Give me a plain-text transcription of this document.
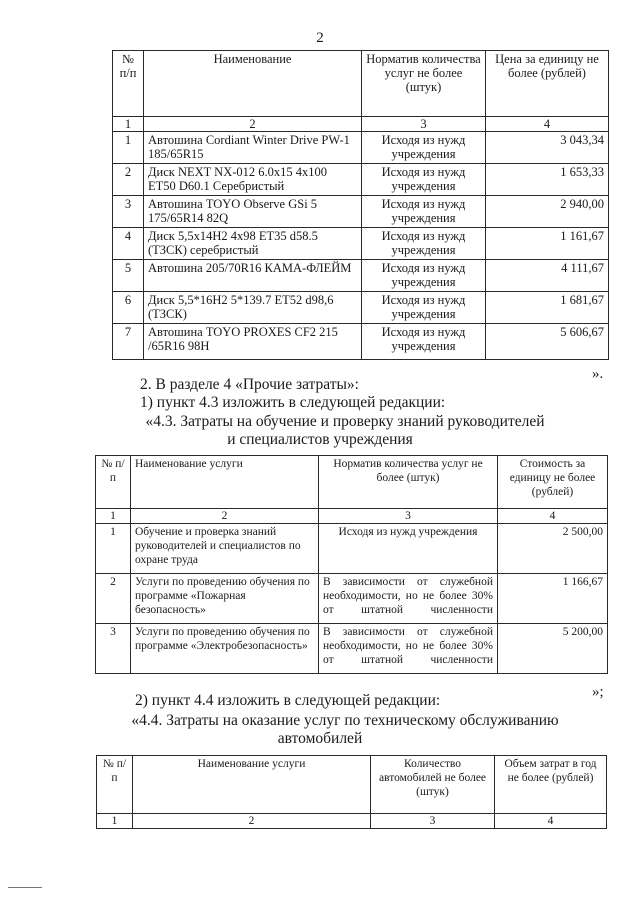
2
№ п/п	Наименование	Норматив количества услуг не более (штук)	Цена за единицу не более (рублей)
1	2	3	4
1	Автошина Cordiant Winter Drive PW-1 185/65R15	Исходя из нужд учреждения	3 043,34
2	Диск NEXT NX-012 6.0x15 4x100 ET50 D60.1 Серебристый	Исходя из нужд учреждения	1 653,33
3	Автошина TOYO Observe GSi 5 175/65R14 82Q	Исходя из нужд учреждения	2 940,00
4	Диск 5,5x14H2 4x98 ET35 d58.5 (ТЗСК) серебристый	Исходя из нужд учреждения	1 161,67
5	Автошина 205/70R16 КАМА-ФЛЕЙМ	Исходя из нужд учреждения	4 111,67
6	Диск 5,5*16H2 5*139.7 ET52 d98,6 (ТЗСК)	Исходя из нужд учреждения	1 681,67
7	Автошина TOYO PROXES CF2 215 /65R16 98H	Исходя из нужд учреждения	5 606,67
».
2. В разделе 4 «Прочие затраты»:
1) пункт 4.3 изложить в следующей редакции:
«4.3. Затраты на обучение и проверку знаний руководителей
и специалистов учреждения
№ п/п	Наименование услуги	Норматив количества услуг не более (штук)	Стоимость за единицу не более (рублей)
1	2	3	4
1	Обучение и проверка знаний руководителей и специалистов по охране труда	Исходя из нужд учреждения	2 500,00
2	Услуги по проведению обучения по программе «Пожарная безопасность»	В зависимости от служебной необходимости, но не более 30% от штатной численности	1 166,67
3	Услуги по проведению обучения по программе «Электробезопасность»	В зависимости от служебной необходимости, но не более 30% от штатной численности	5 200,00
»;
2) пункт 4.4 изложить в следующей редакции:
«4.4. Затраты на оказание услуг по техническому обслуживанию
автомобилей
№ п/п	Наименование услуги	Количество автомобилей не более (штук)	Объем затрат в год не более (рублей)
1	2	3	4
